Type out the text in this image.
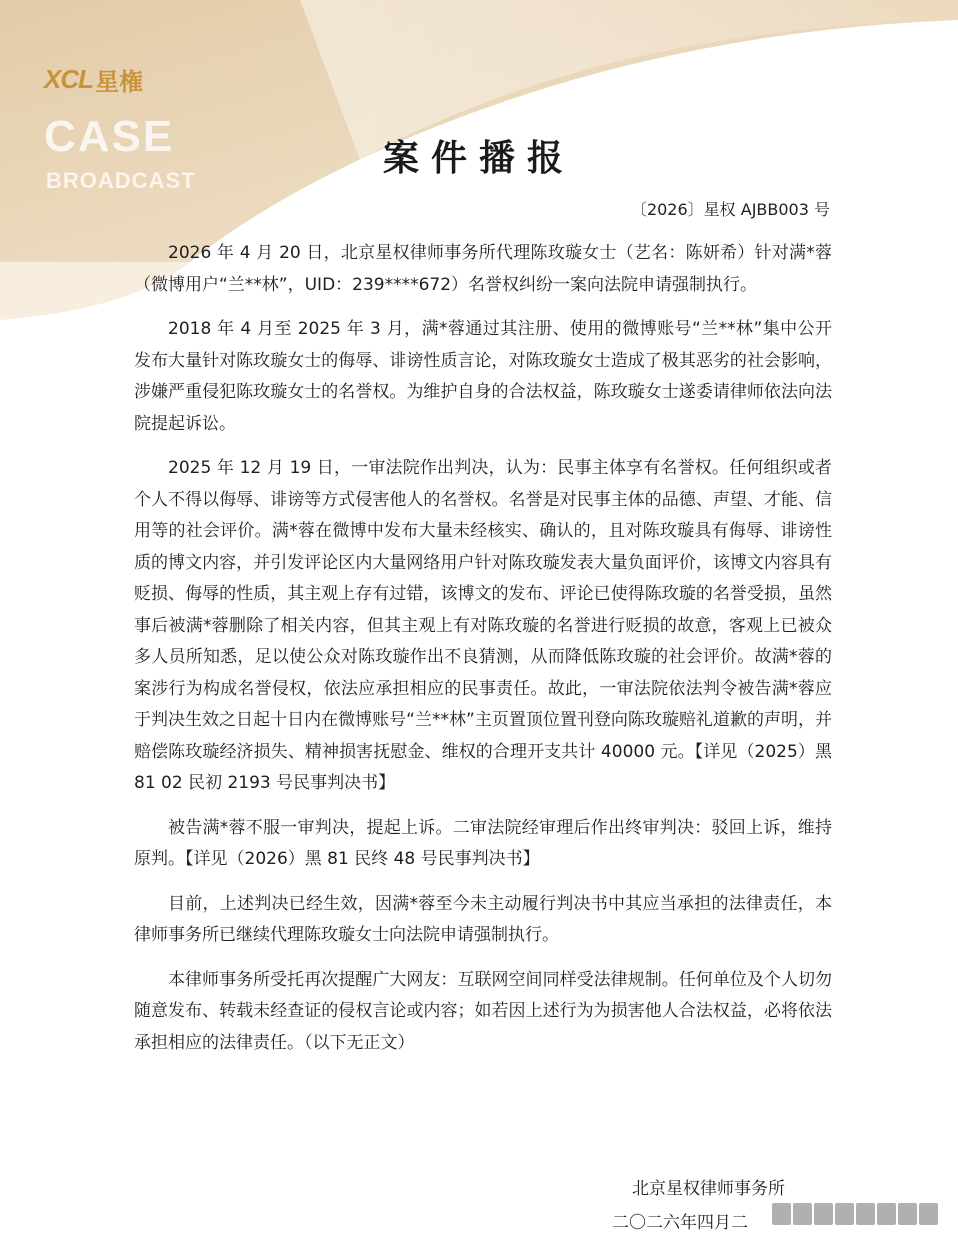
XCL 星権
CASE
BROADCAST
案件播报
〔2026〕星权 AJBB003 号

2026 年 4 月 20 日，北京星权律师事务所代理陈玫璇女士（艺名：陈妍希）针对满*蓉（微博用户“兰**林”，UID：239****672）名誉权纠纷一案向法院申请强制执行。

2018 年 4 月至 2025 年 3 月，满*蓉通过其注册、使用的微博账号“兰**林”集中公开发布大量针对陈玫璇女士的侮辱、诽谤性质言论，对陈玫璇女士造成了极其恶劣的社会影响，涉嫌严重侵犯陈玫璇女士的名誉权。为维护自身的合法权益，陈玫璇女士遂委请律师依法向法院提起诉讼。

2025 年 12 月 19 日，一审法院作出判决，认为：民事主体享有名誉权。任何组织或者个人不得以侮辱、诽谤等方式侵害他人的名誉权。名誉是对民事主体的品德、声望、才能、信用等的社会评价。满*蓉在微博中发布大量未经核实、确认的，且对陈玫璇具有侮辱、诽谤性质的博文内容，并引发评论区内大量网络用户针对陈玫璇发表大量负面评价，该博文内容具有贬损、侮辱的性质，其主观上存有过错，该博文的发布、评论已使得陈玫璇的名誉受损，虽然事后被满*蓉删除了相关内容，但其主观上有对陈玫璇的名誉进行贬损的故意，客观上已被众多人员所知悉，足以使公众对陈玫璇作出不良猜测，从而降低陈玫璇的社会评价。故满*蓉的案涉行为构成名誉侵权，依法应承担相应的民事责任。故此，一审法院依法判令被告满*蓉应于判决生效之日起十日内在微博账号“兰**林”主页置顶位置刊登向陈玫璇赔礼道歉的声明，并赔偿陈玫璇经济损失、精神损害抚慰金、维权的合理开支共计 40000 元。【详见（2025）黑 81 02 民初 2193 号民事判决书】

被告满*蓉不服一审判决，提起上诉。二审法院经审理后作出终审判决：驳回上诉，维持原判。【详见（2026）黑 81 民终 48 号民事判决书】

目前，上述判决已经生效，因满*蓉至今未主动履行判决书中其应当承担的法律责任，本律师事务所已继续代理陈玫璇女士向法院申请强制执行。

本律师事务所受托再次提醒广大网友：互联网空间同样受法律规制。任何单位及个人切勿随意发布、转载未经查证的侵权言论或内容；如若因上述行为为损害他人合法权益，必将依法承担相应的法律责任。（以下无正文）

北京星权律师事务所
二〇二六年四月二
